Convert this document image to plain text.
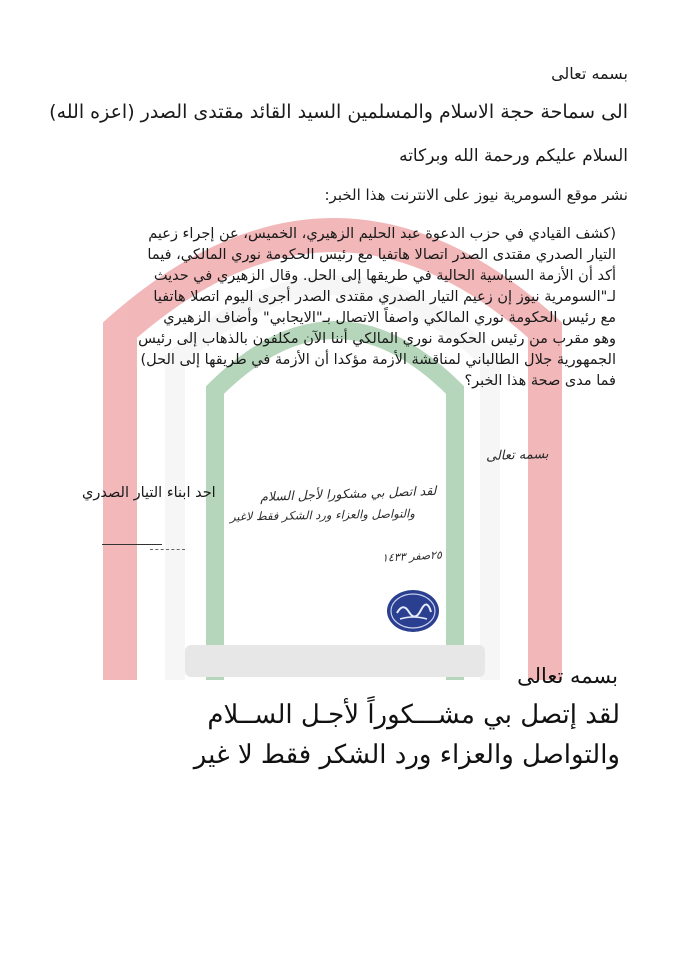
بسمه تعالى
الى سماحة حجة الاسلام والمسلمين السيد القائد مقتدى الصدر (اعزه الله)
السلام عليكم ورحمة الله وبركاته
نشر موقع السومرية نيوز على الانترنت هذا الخبر:
(كشف القيادي في حزب الدعوة عبد الحليم الزهيري، الخميس، عن إجراء زعيم
التيار الصدري مقتدى الصدر اتصالا هاتفيا مع رئيس الحكومة نوري المالكي، فيما
أكد أن الأزمة السياسية الحالية في طريقها إلى الحل. وقال الزهيري في حديث
لـ"السومرية نيوز إن زعيم التيار الصدري مقتدى الصدر أجرى اليوم اتصلا هاتفيا
مع رئيس الحكومة نوري المالكي واصفاً الاتصال بـ"الايجابي" وأضاف الزهيري
وهو مقرب من رئيس الحكومة نوري المالكي أننا الآن مكلفون بالذهاب إلى رئيس
الجمهورية جلال الطالباني لمناقشة الأزمة مؤكدا أن الأزمة في طريقها إلى الحل)
فما مدى صحة هذا الخبر؟
احد ابناء التيار الصدري
بسمه تعالى
لقد اتصل بي مشكورا لأجل السلام
والتواصل والعزاء ورد الشكر فقط لاغير
٢٥صفر ١٤٣٣
بسمه تعالى
لقد إتصل بي مشـــكوراً لأجـل الســلام
والتواصل والعزاء ورد الشكر فقط لا غير
